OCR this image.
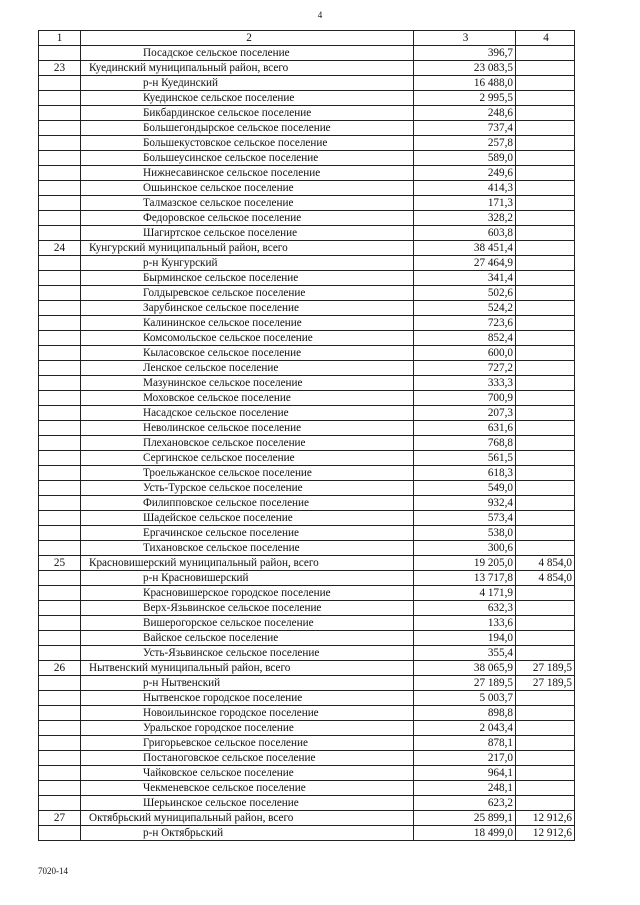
4
1	2	3	4
	Посадское сельское поселение	396,7	
23	Куединский муниципальный район, всего	23 083,5	
	р-н Куединский	16 488,0	
	Куединское сельское поселение	2 995,5	
	Бикбардинское сельское поселение	248,6	
	Большегондырское сельское поселение	737,4	
	Большекустовское сельское поселение	257,8	
	Большеусинское сельское поселение	589,0	
	Нижнесавинское сельское поселение	249,6	
	Ошьинское сельское поселение	414,3	
	Талмазское сельское поселение	171,3	
	Федоровское сельское поселение	328,2	
	Шагиртское сельское поселение	603,8	
24	Кунгурский муниципальный район, всего	38 451,4	
	р-н Кунгурский	27 464,9	
	Бырминское сельское поселение	341,4	
	Голдыревское сельское поселение	502,6	
	Зарубинское сельское поселение	524,2	
	Калининское сельское поселение	723,6	
	Комсомольское сельское поселение	852,4	
	Кыласовское сельское поселение	600,0	
	Ленское сельское поселение	727,2	
	Мазунинское сельское поселение	333,3	
	Моховское сельское поселение	700,9	
	Насадское сельское поселение	207,3	
	Неволинское сельское поселение	631,6	
	Плехановское сельское поселение	768,8	
	Сергинское сельское поселение	561,5	
	Троельжанское сельское поселение	618,3	
	Усть-Турское сельское поселение	549,0	
	Филипповское сельское поселение	932,4	
	Шадейское сельское поселение	573,4	
	Ергачинское сельское поселение	538,0	
	Тихановское сельское поселение	300,6	
25	Красновишерский муниципальный район, всего	19 205,0	4 854,0
	р-н Красновишерский	13 717,8	4 854,0
	Красновишерское городское поселение	4 171,9	
	Верх-Язьвинское сельское поселение	632,3	
	Вишерогорское сельское поселение	133,6	
	Вайское сельское поселение	194,0	
	Усть-Язьвинское сельское поселение	355,4	
26	Нытвенский муниципальный район, всего	38 065,9	27 189,5
	р-н Нытвенский	27 189,5	27 189,5
	Нытвенское городское поселение	5 003,7	
	Новоильинское городское поселение	898,8	
	Уральское городское поселение	2 043,4	
	Григорьевское сельское поселение	878,1	
	Постаноговское сельское поселение	217,0	
	Чайковское сельское поселение	964,1	
	Чекменевское сельское поселение	248,1	
	Шерьинское сельское поселение	623,2	
27	Октябрьский муниципальный район, всего	25 899,1	12 912,6
	р-н Октябрьский	18 499,0	12 912,6
7020-14
